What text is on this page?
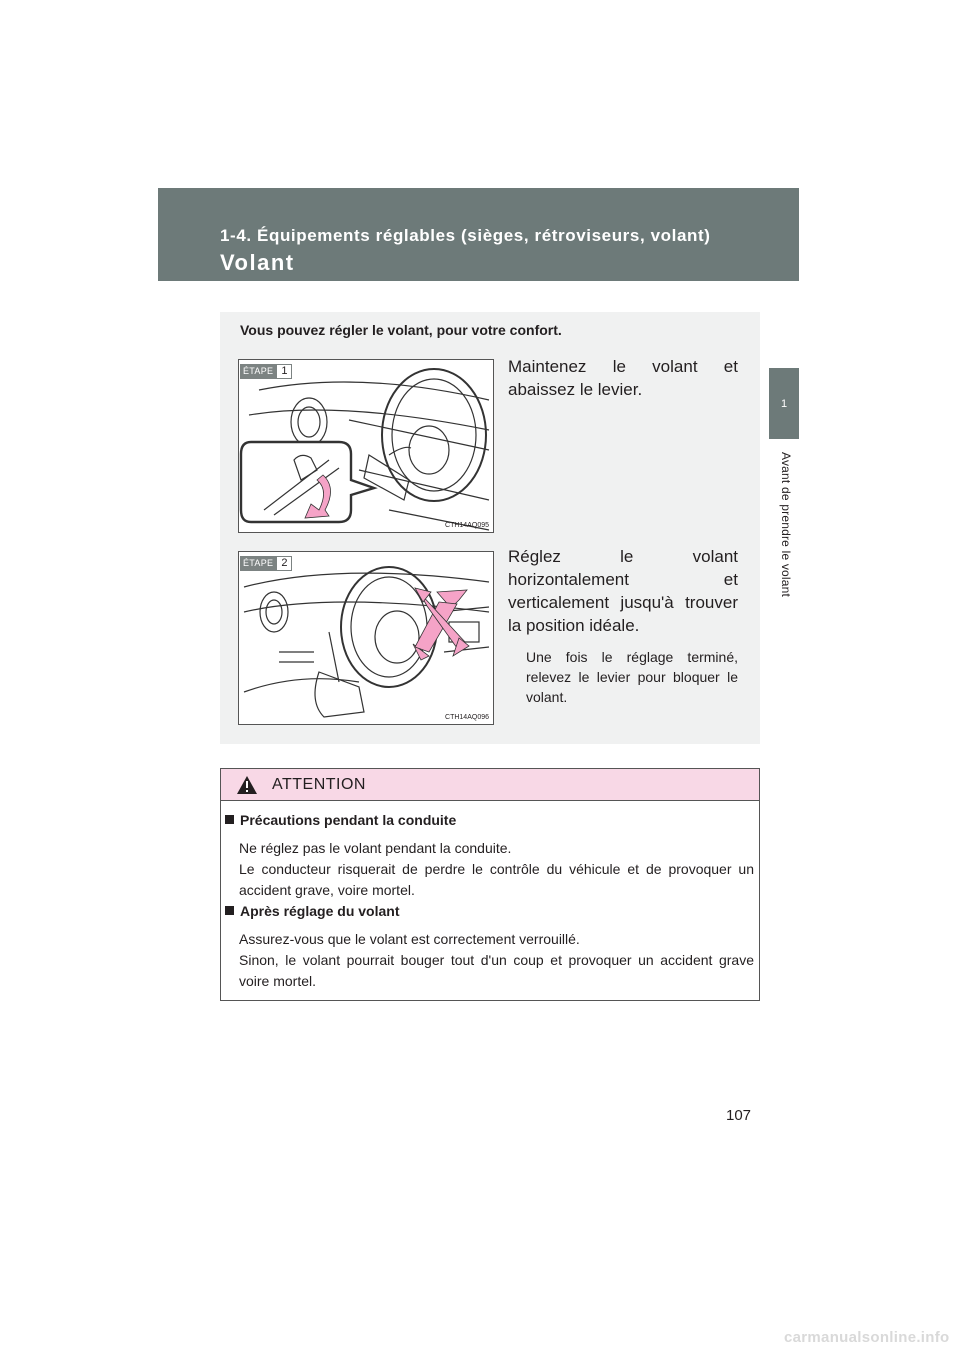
1-4. Équipements réglables (sièges, rétroviseurs, volant)
Volant
1
Avant de prendre le volant
Vous pouvez régler le volant, pour votre confort.
ÉTAPE 1
CTH14AQ095
Maintenez le volant et abaissez le levier.
ÉTAPE 2
CTH14AQ096
Réglez le volant horizontalement et verticalement jusqu'à trouver la position idéale.
Une fois le réglage terminé, relevez le levier pour bloquer le volant.
ATTENTION
Précautions pendant la conduite
Ne réglez pas le volant pendant la conduite.
Le conducteur risquerait de perdre le contrôle du véhicule et de provoquer un accident grave, voire mortel.
Après réglage du volant
Assurez-vous que le volant est correctement verrouillé.
Sinon, le volant pourrait bouger tout d'un coup et provoquer un accident grave voire mortel.
107
carmanualsonline.info
